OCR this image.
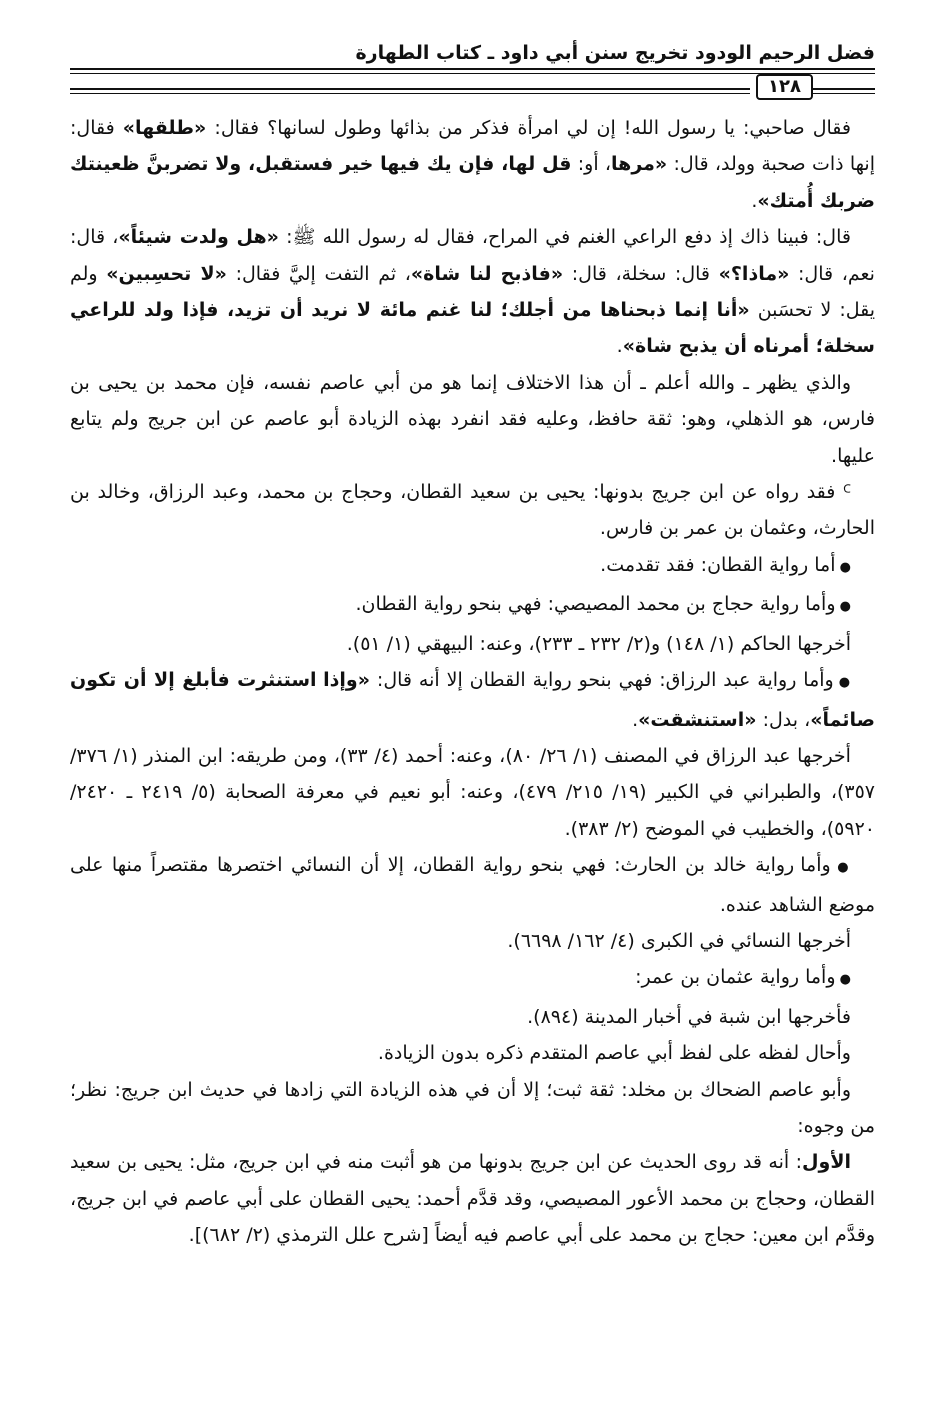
فضل الرحيم الودود تخريج سنن أبي داود ـ كتاب الطهارة
١٢٨

فقال صاحبي: يا رسول الله! إن لي امرأة فذكر من بذائها وطول لسانها؟ فقال: «طلقها» فقال: إنها ذات صحبة وولد، قال: «مرها، أو: قل لها، فإن يك فيها خير فستقبل، ولا تضربنَّ ظعينتك ضربك أُمتك».

قال: فبينا ذاك إذ دفع الراعي الغنم في المراح، فقال له رسول الله ﷺ: «هل ولدت شيئاً»، قال: نعم، قال: «ماذا؟» قال: سخلة، قال: «فاذبح لنا شاة»، ثم التفت إليَّ فقال: «لا تحسِبين» ولم يقل: لا تحسَبن «أنا إنما ذبحناها من أجلك؛ لنا غنم مائة لا نريد أن تزيد، فإذا ولد للراعي سخلة؛ أمرناه أن يذبح شاة».

والذي يظهر ـ والله أعلم ـ أن هذا الاختلاف إنما هو من أبي عاصم نفسه، فإن محمد بن يحيى بن فارس، هو الذهلي، وهو: ثقة حافظ، وعليه فقد انفرد بهذه الزيادة أبو عاصم عن ابن جريج ولم يتابع عليها.

ꟲ فقد رواه عن ابن جريج بدونها: يحيى بن سعيد القطان، وحجاج بن محمد، وعبد الرزاق، وخالد بن الحارث، وعثمان بن عمر بن فارس.

● أما رواية القطان: فقد تقدمت.

● وأما رواية حجاج بن محمد المصيصي: فهي بنحو رواية القطان.

أخرجها الحاكم (١/ ١٤٨) و(٢/ ٢٣٢ ـ ٢٣٣)، وعنه: البيهقي (١/ ٥١).

● وأما رواية عبد الرزاق: فهي بنحو رواية القطان إلا أنه قال: «وإذا استنثرت فأبلغ إلا أن تكون صائماً»، بدل: «استنشقت».

أخرجها عبد الرزاق في المصنف (١/ ٢٦/ ٨٠)، وعنه: أحمد (٤/ ٣٣)، ومن طريقه: ابن المنذر (١/ ٣٧٦/ ٣٥٧)، والطبراني في الكبير (١٩/ ٢١٥/ ٤٧٩)، وعنه: أبو نعيم في معرفة الصحابة (٥/ ٢٤١٩ ـ ٢٤٢٠/ ٥٩٢٠)، والخطيب في الموضح (٢/ ٣٨٣).

● وأما رواية خالد بن الحارث: فهي بنحو رواية القطان، إلا أن النسائي اختصرها مقتصراً منها على موضع الشاهد عنده.

أخرجها النسائي في الكبرى (٤/ ١٦٢/ ٦٦٩٨).

● وأما رواية عثمان بن عمر:

فأخرجها ابن شبة في أخبار المدينة (٨٩٤).

وأحال لفظه على لفظ أبي عاصم المتقدم ذكره بدون الزيادة.

وأبو عاصم الضحاك بن مخلد: ثقة ثبت؛ إلا أن في هذه الزيادة التي زادها في حديث ابن جريج: نظر؛ من وجوه:

الأول: أنه قد روى الحديث عن ابن جريج بدونها من هو أثبت منه في ابن جريج، مثل: يحيى بن سعيد القطان، وحجاج بن محمد الأعور المصيصي، وقد قدَّم أحمد: يحيى القطان على أبي عاصم في ابن جريج، وقدَّم ابن معين: حجاج بن محمد على أبي عاصم فيه أيضاً [شرح علل الترمذي (٢/ ٦٨٢)].
